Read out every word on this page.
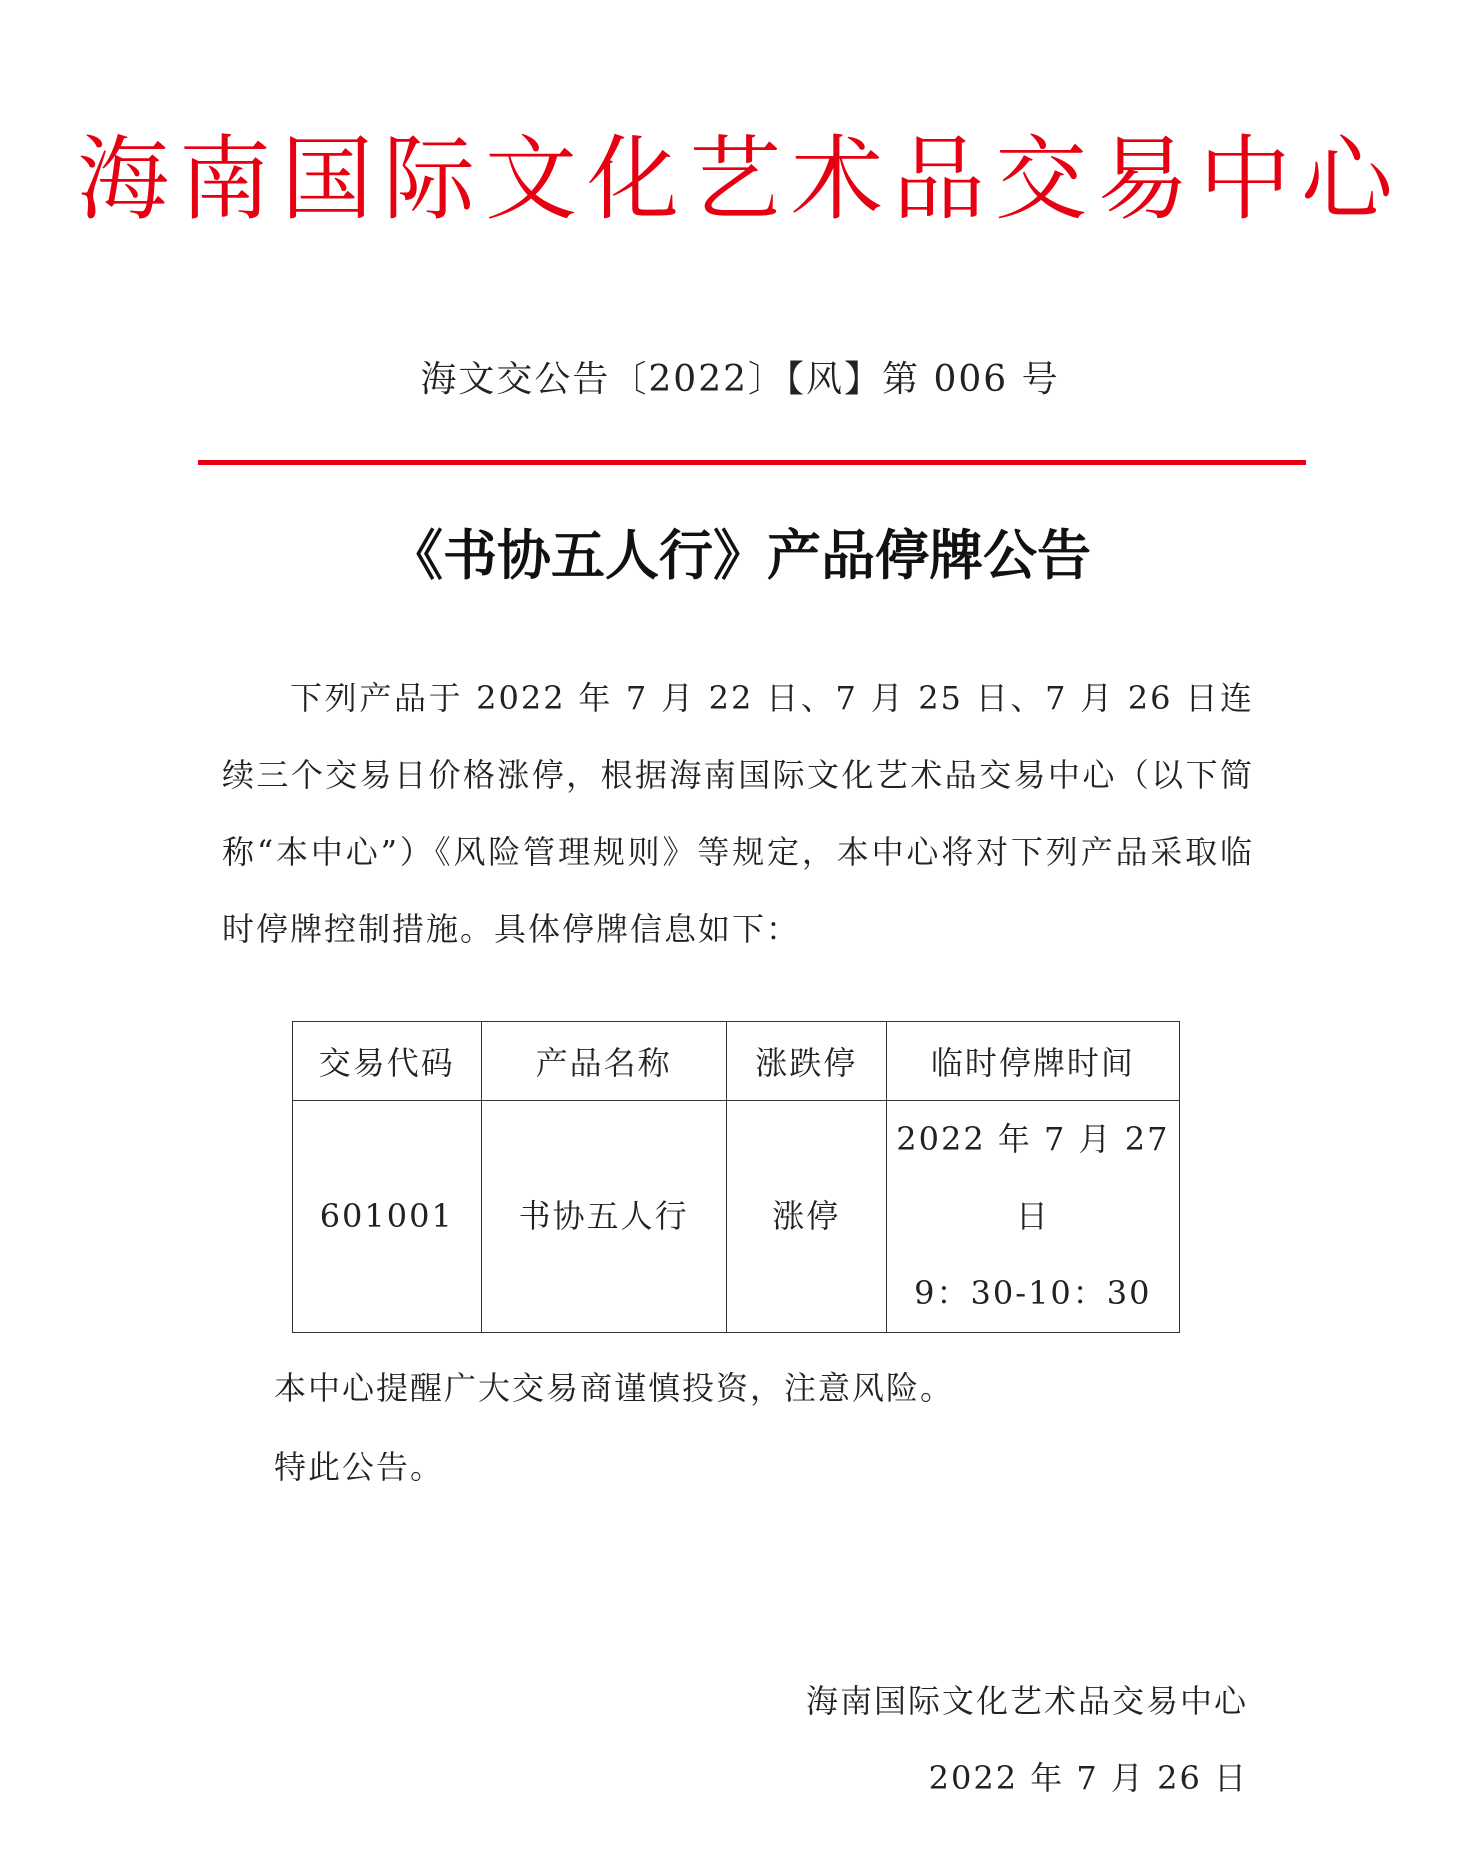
海南国际文化艺术品交易中心
海文交公告〔2022〕【风】第 006 号
《书协五人行》产品停牌公告

下列产品于 2022 年 7 月 22 日、7 月 25 日、7 月 26 日连续三个交易日价格涨停，根据海南国际文化艺术品交易中心（以下简称“本中心”）《风险管理规则》等规定，本中心将对下列产品采取临时停牌控制措施。具体停牌信息如下：

交易代码	产品名称	涨跌停	临时停牌时间
601001	书协五人行	涨停	2022 年 7 月 27 日
9：30-10：30
本中心提醒广大交易商谨慎投资，注意风险。
特此公告。
海南国际文化艺术品交易中心
2022 年 7 月 26 日
